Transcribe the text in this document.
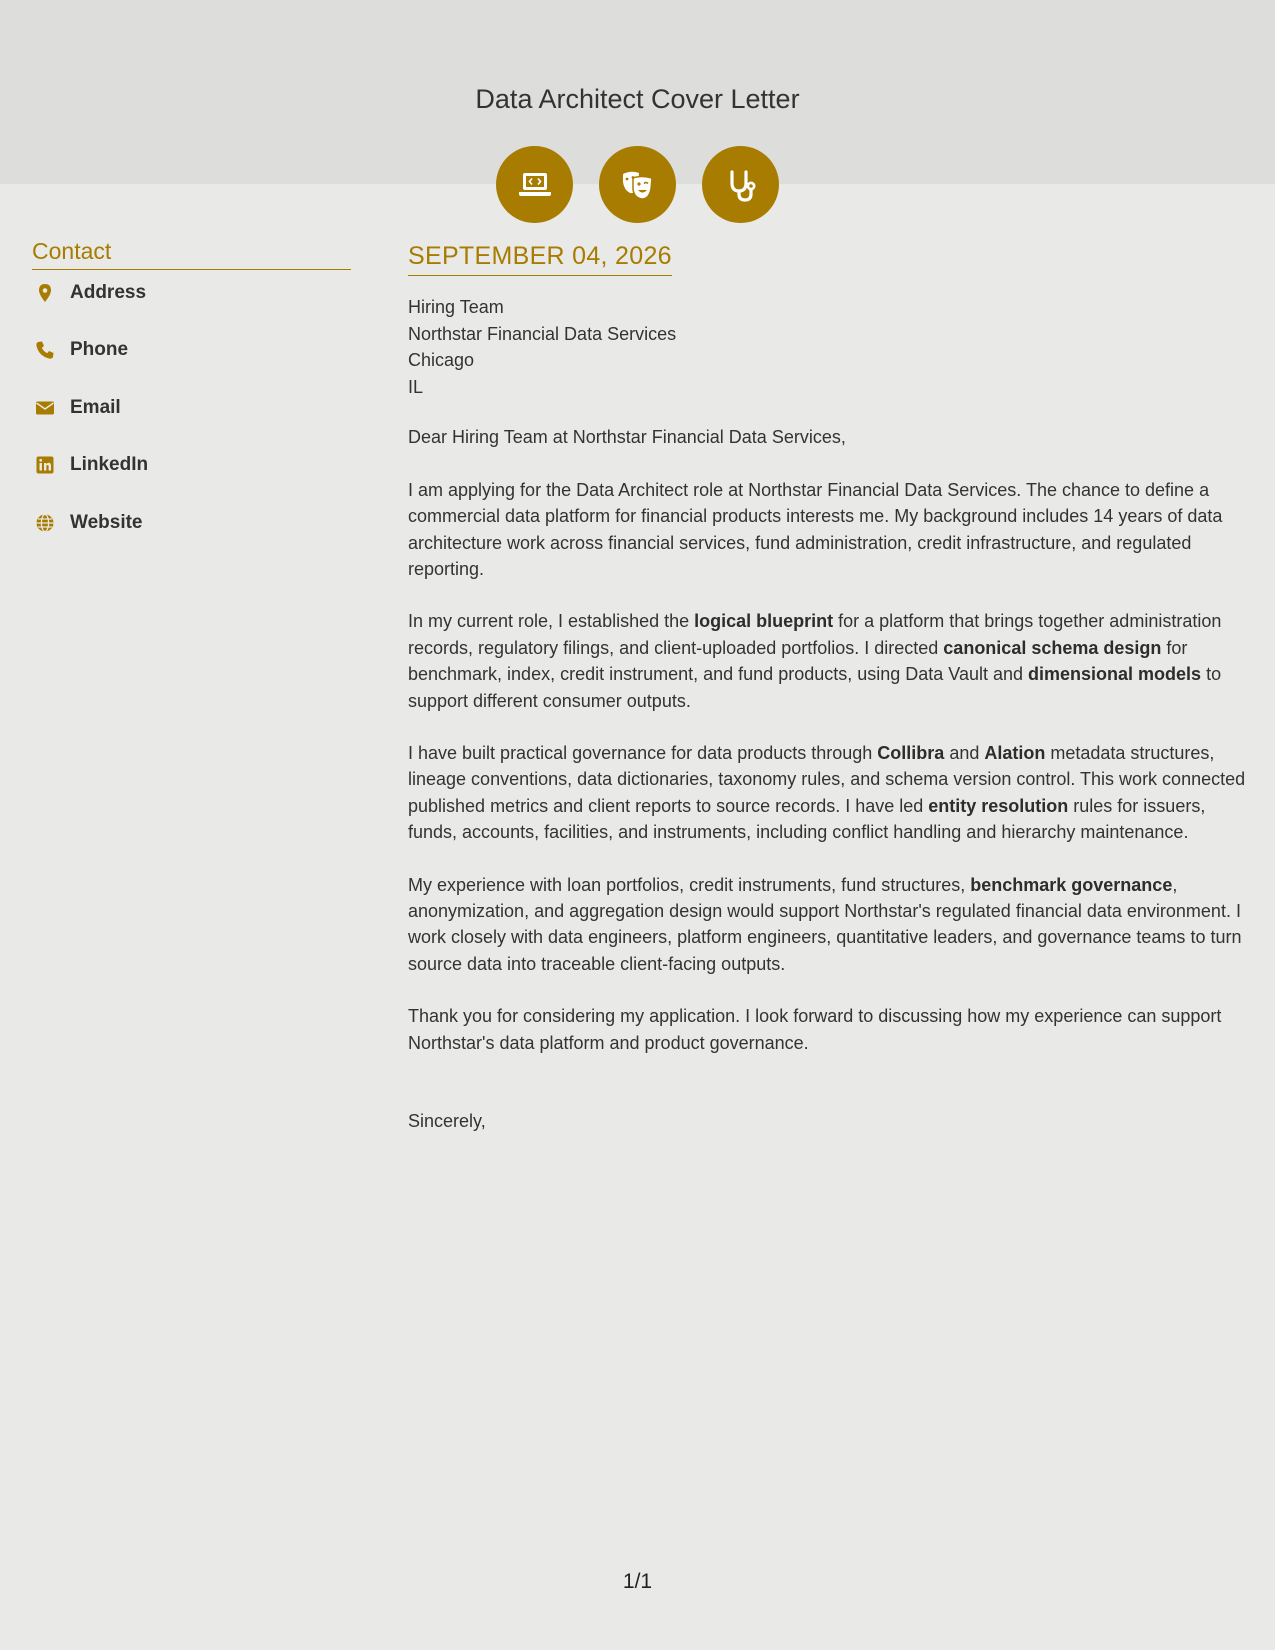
Data Architect Cover Letter
Contact
Address
Phone
Email
LinkedIn
Website
SEPTEMBER 04, 2026
Hiring Team
Northstar Financial Data Services
Chicago
IL

Dear Hiring Team at Northstar Financial Data Services,

I am applying for the Data Architect role at Northstar Financial Data Services. The chance to define a commercial data platform for financial products interests me. My background includes 14 years of data architecture work across financial services, fund administration, credit infrastructure, and regulated reporting.

In my current role, I established the logical blueprint for a platform that brings together administration records, regulatory filings, and client-uploaded portfolios. I directed canonical schema design for benchmark, index, credit instrument, and fund products, using Data Vault and dimensional models to support different consumer outputs.

I have built practical governance for data products through Collibra and Alation metadata structures, lineage conventions, data dictionaries, taxonomy rules, and schema version control. This work connected published metrics and client reports to source records. I have led entity resolution rules for issuers, funds, accounts, facilities, and instruments, including conflict handling and hierarchy maintenance.

My experience with loan portfolios, credit instruments, fund structures, benchmark governance, anonymization, and aggregation design would support Northstar's regulated financial data environment. I work closely with data engineers, platform engineers, quantitative leaders, and governance teams to turn source data into traceable client-facing outputs.

Thank you for considering my application. I look forward to discussing how my experience can support Northstar's data platform and product governance.

Sincerely,

1/1
